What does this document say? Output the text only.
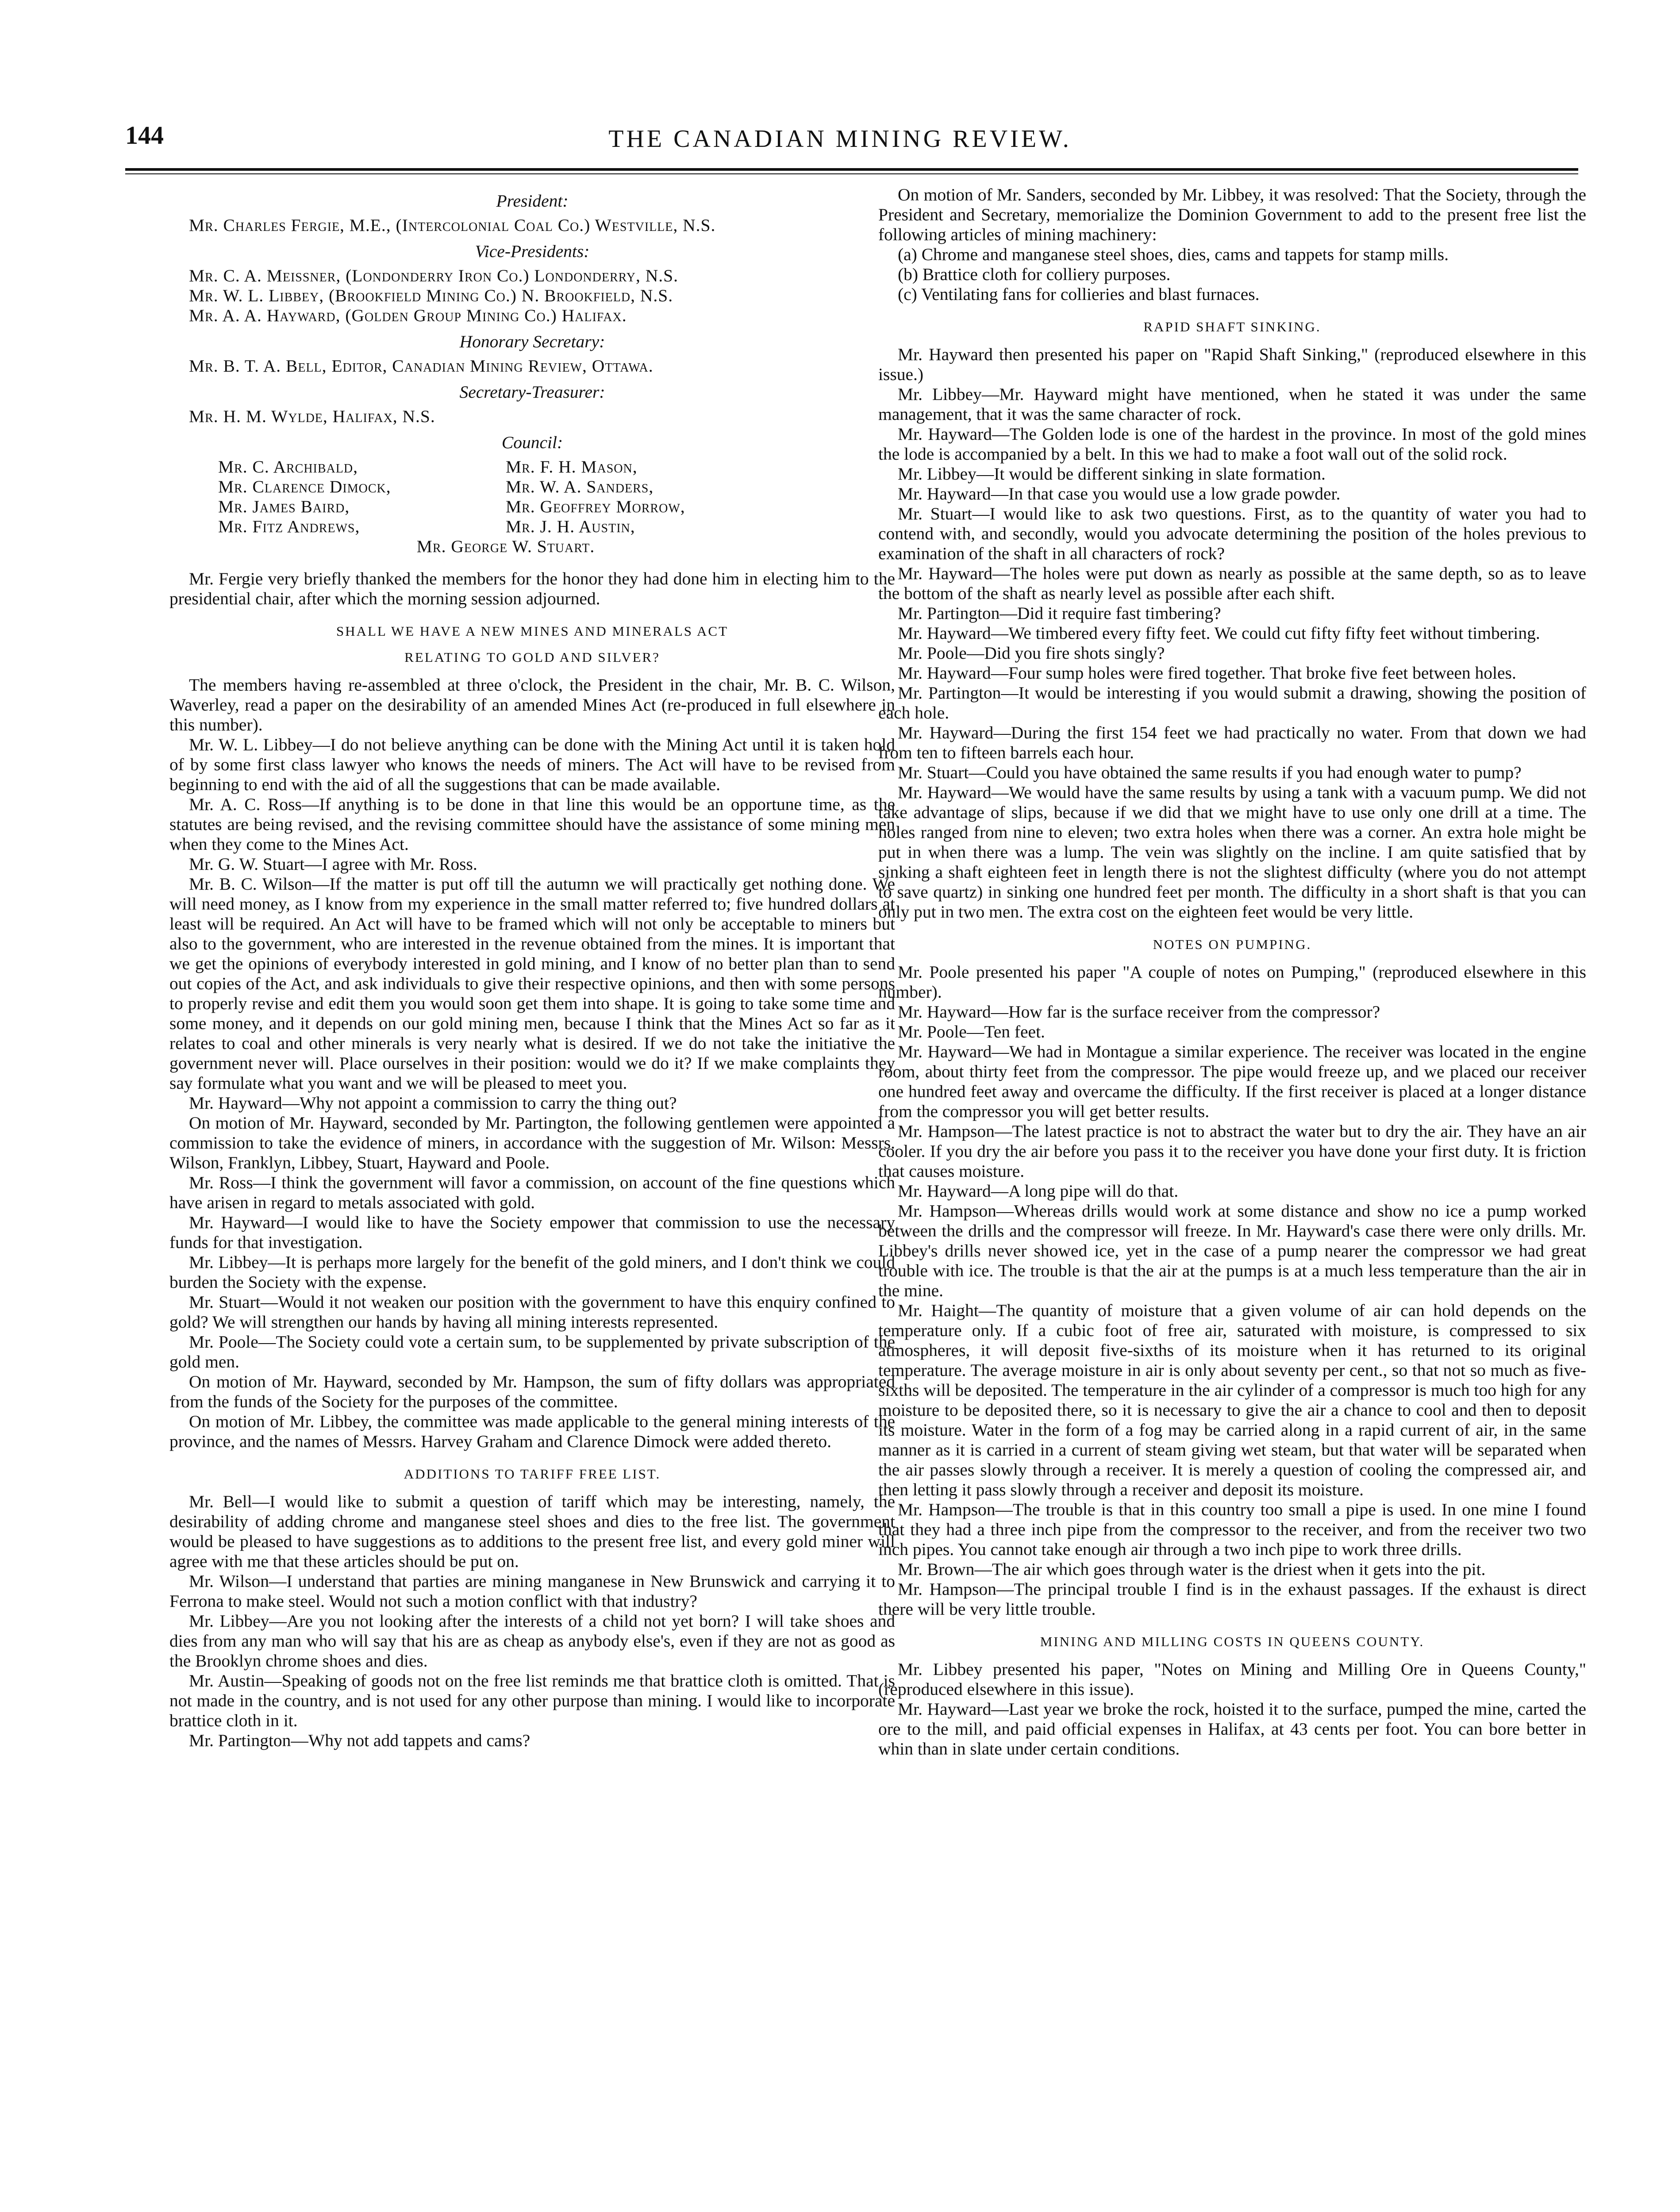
144	THE CANADIAN MINING REVIEW.
President:

Mr. Charles Fergie, M.E., (Intercolonial Coal Co.) Westville, N.S.

Vice-Presidents:
Mr. C. A. Meissner, (Londonderry Iron Co.) Londonderry, N.S.
Mr. W. L. Libbey, (Brookfield Mining Co.) N. Brookfield, N.S.
Mr. A. A. Hayward, (Golden Group Mining Co.) Halifax.
Honorary Secretary:

Mr. B. T. A. Bell, Editor, Canadian Mining Review, Ottawa.

Secretary-Treasurer:

Mr. H. M. Wylde, Halifax, N.S.

Council:
Mr. C. Archibald,	Mr. F. H. Mason,
Mr. Clarence Dimock,	Mr. W. A. Sanders,
Mr. James Baird,	Mr. Geoffrey Morrow,
Mr. Fitz Andrews,	Mr. J. H. Austin,
Mr. George W. Stuart.

Mr. Fergie very briefly thanked the members for the honor they had done him in electing him to the presidential chair, after which the morning session adjourned.

SHALL WE HAVE A NEW MINES AND MINERALS ACT
RELATING TO GOLD AND SILVER?

The members having re-assembled at three o'clock, the President in the chair, Mr. B. C. Wilson, Waverley, read a paper on the desirability of an amended Mines Act (re-produced in full elsewhere in this number).

Mr. W. L. Libbey—I do not believe anything can be done with the Mining Act until it is taken hold of by some first class lawyer who knows the needs of miners. The Act will have to be revised from beginning to end with the aid of all the suggestions that can be made available.

Mr. A. C. Ross—If anything is to be done in that line this would be an opportune time, as the statutes are being revised, and the revising committee should have the assistance of some mining men when they come to the Mines Act.

Mr. G. W. Stuart—I agree with Mr. Ross.

Mr. B. C. Wilson—If the matter is put off till the autumn we will practically get nothing done. We will need money, as I know from my experience in the small matter referred to; five hundred dollars at least will be required. An Act will have to be framed which will not only be acceptable to miners but also to the government, who are interested in the revenue obtained from the mines. It is important that we get the opinions of everybody interested in gold mining, and I know of no better plan than to send out copies of the Act, and ask individuals to give their respective opinions, and then with some persons to properly revise and edit them you would soon get them into shape. It is going to take some time and some money, and it depends on our gold mining men, because I think that the Mines Act so far as it relates to coal and other minerals is very nearly what is desired. If we do not take the initiative the government never will. Place ourselves in their position: would we do it? If we make complaints they say formulate what you want and we will be pleased to meet you.

Mr. Hayward—Why not appoint a commission to carry the thing out?

On motion of Mr. Hayward, seconded by Mr. Partington, the following gentlemen were appointed a commission to take the evidence of miners, in accordance with the suggestion of Mr. Wilson: Messrs. Wilson, Franklyn, Libbey, Stuart, Hayward and Poole.

Mr. Ross—I think the government will favor a commission, on account of the fine questions which have arisen in regard to metals associated with gold.

Mr. Hayward—I would like to have the Society empower that commission to use the necessary funds for that investigation.

Mr. Libbey—It is perhaps more largely for the benefit of the gold miners, and I don't think we could burden the Society with the expense.

Mr. Stuart—Would it not weaken our position with the government to have this enquiry confined to gold? We will strengthen our hands by having all mining interests represented.

Mr. Poole—The Society could vote a certain sum, to be supplemented by private subscription of the gold men.

On motion of Mr. Hayward, seconded by Mr. Hampson, the sum of fifty dollars was appropriated from the funds of the Society for the purposes of the committee.

On motion of Mr. Libbey, the committee was made applicable to the general mining interests of the province, and the names of Messrs. Harvey Graham and Clarence Dimock were added thereto.

ADDITIONS TO TARIFF FREE LIST.

Mr. Bell—I would like to submit a question of tariff which may be interesting, namely, the desirability of adding chrome and manganese steel shoes and dies to the free list. The government would be pleased to have suggestions as to additions to the present free list, and every gold miner will agree with me that these articles should be put on.

Mr. Wilson—I understand that parties are mining manganese in New Brunswick and carrying it to Ferrona to make steel. Would not such a motion conflict with that industry?

Mr. Libbey—Are you not looking after the interests of a child not yet born? I will take shoes and dies from any man who will say that his are as cheap as anybody else's, even if they are not as good as the Brooklyn chrome shoes and dies.

Mr. Austin—Speaking of goods not on the free list reminds me that brattice cloth is omitted. That is not made in the country, and is not used for any other purpose than mining. I would like to incorporate brattice cloth in it.

Mr. Partington—Why not add tappets and cams?

On motion of Mr. Sanders, seconded by Mr. Libbey, it was resolved: That the Society, through the President and Secretary, memorialize the Dominion Government to add to the present free list the following articles of mining machinery:

(a) Chrome and manganese steel shoes, dies, cams and tappets for stamp mills.

(b) Brattice cloth for colliery purposes.

(c) Ventilating fans for collieries and blast furnaces.

RAPID SHAFT SINKING.

Mr. Hayward then presented his paper on "Rapid Shaft Sinking," (reproduced elsewhere in this issue.)

Mr. Libbey—Mr. Hayward might have mentioned, when he stated it was under the same management, that it was the same character of rock.

Mr. Hayward—The Golden lode is one of the hardest in the province. In most of the gold mines the lode is accompanied by a belt. In this we had to make a foot wall out of the solid rock.

Mr. Libbey—It would be different sinking in slate formation.

Mr. Hayward—In that case you would use a low grade powder.

Mr. Stuart—I would like to ask two questions. First, as to the quantity of water you had to contend with, and secondly, would you advocate determining the position of the holes previous to examination of the shaft in all characters of rock?

Mr. Hayward—The holes were put down as nearly as possible at the same depth, so as to leave the bottom of the shaft as nearly level as possible after each shift.

Mr. Partington—Did it require fast timbering?

Mr. Hayward—We timbered every fifty feet. We could cut fifty fifty feet without timbering.

Mr. Poole—Did you fire shots singly?

Mr. Hayward—Four sump holes were fired together. That broke five feet between holes.

Mr. Partington—It would be interesting if you would submit a drawing, showing the position of each hole.

Mr. Hayward—During the first 154 feet we had practically no water. From that down we had from ten to fifteen barrels each hour.

Mr. Stuart—Could you have obtained the same results if you had enough water to pump?

Mr. Hayward—We would have the same results by using a tank with a vacuum pump. We did not take advantage of slips, because if we did that we might have to use only one drill at a time. The holes ranged from nine to eleven; two extra holes when there was a corner. An extra hole might be put in when there was a lump. The vein was slightly on the incline. I am quite satisfied that by sinking a shaft eighteen feet in length there is not the slightest difficulty (where you do not attempt to save quartz) in sinking one hundred feet per month. The difficulty in a short shaft is that you can only put in two men. The extra cost on the eighteen feet would be very little.

NOTES ON PUMPING.

Mr. Poole presented his paper "A couple of notes on Pumping," (reproduced elsewhere in this number).

Mr. Hayward—How far is the surface receiver from the compressor?

Mr. Poole—Ten feet.

Mr. Hayward—We had in Montague a similar experience. The receiver was located in the engine room, about thirty feet from the compressor. The pipe would freeze up, and we placed our receiver one hundred feet away and overcame the difficulty. If the first receiver is placed at a longer distance from the compressor you will get better results.

Mr. Hampson—The latest practice is not to abstract the water but to dry the air. They have an air cooler. If you dry the air before you pass it to the receiver you have done your first duty. It is friction that causes moisture.

Mr. Hayward—A long pipe will do that.

Mr. Hampson—Whereas drills would work at some distance and show no ice a pump worked between the drills and the compressor will freeze. In Mr. Hayward's case there were only drills. Mr. Libbey's drills never showed ice, yet in the case of a pump nearer the compressor we had great trouble with ice. The trouble is that the air at the pumps is at a much less temperature than the air in the mine.

Mr. Haight—The quantity of moisture that a given volume of air can hold depends on the temperature only. If a cubic foot of free air, saturated with moisture, is compressed to six atmospheres, it will deposit five-sixths of its moisture when it has returned to its original temperature. The average moisture in air is only about seventy per cent., so that not so much as five-sixths will be deposited. The temperature in the air cylinder of a compressor is much too high for any moisture to be deposited there, so it is necessary to give the air a chance to cool and then to deposit its moisture. Water in the form of a fog may be carried along in a rapid current of air, in the same manner as it is carried in a current of steam giving wet steam, but that water will be separated when the air passes slowly through a receiver. It is merely a question of cooling the compressed air, and then letting it pass slowly through a receiver and deposit its moisture.

Mr. Hampson—The trouble is that in this country too small a pipe is used. In one mine I found that they had a three inch pipe from the compressor to the receiver, and from the receiver two two inch pipes. You cannot take enough air through a two inch pipe to work three drills.

Mr. Brown—The air which goes through water is the driest when it gets into the pit.

Mr. Hampson—The principal trouble I find is in the exhaust passages. If the exhaust is direct there will be very little trouble.

MINING AND MILLING COSTS IN QUEENS COUNTY.

Mr. Libbey presented his paper, "Notes on Mining and Milling Ore in Queens County," (reproduced elsewhere in this issue).

Mr. Hayward—Last year we broke the rock, hoisted it to the surface, pumped the mine, carted the ore to the mill, and paid official expenses in Halifax, at 43 cents per foot. You can bore better in whin than in slate under certain conditions.
